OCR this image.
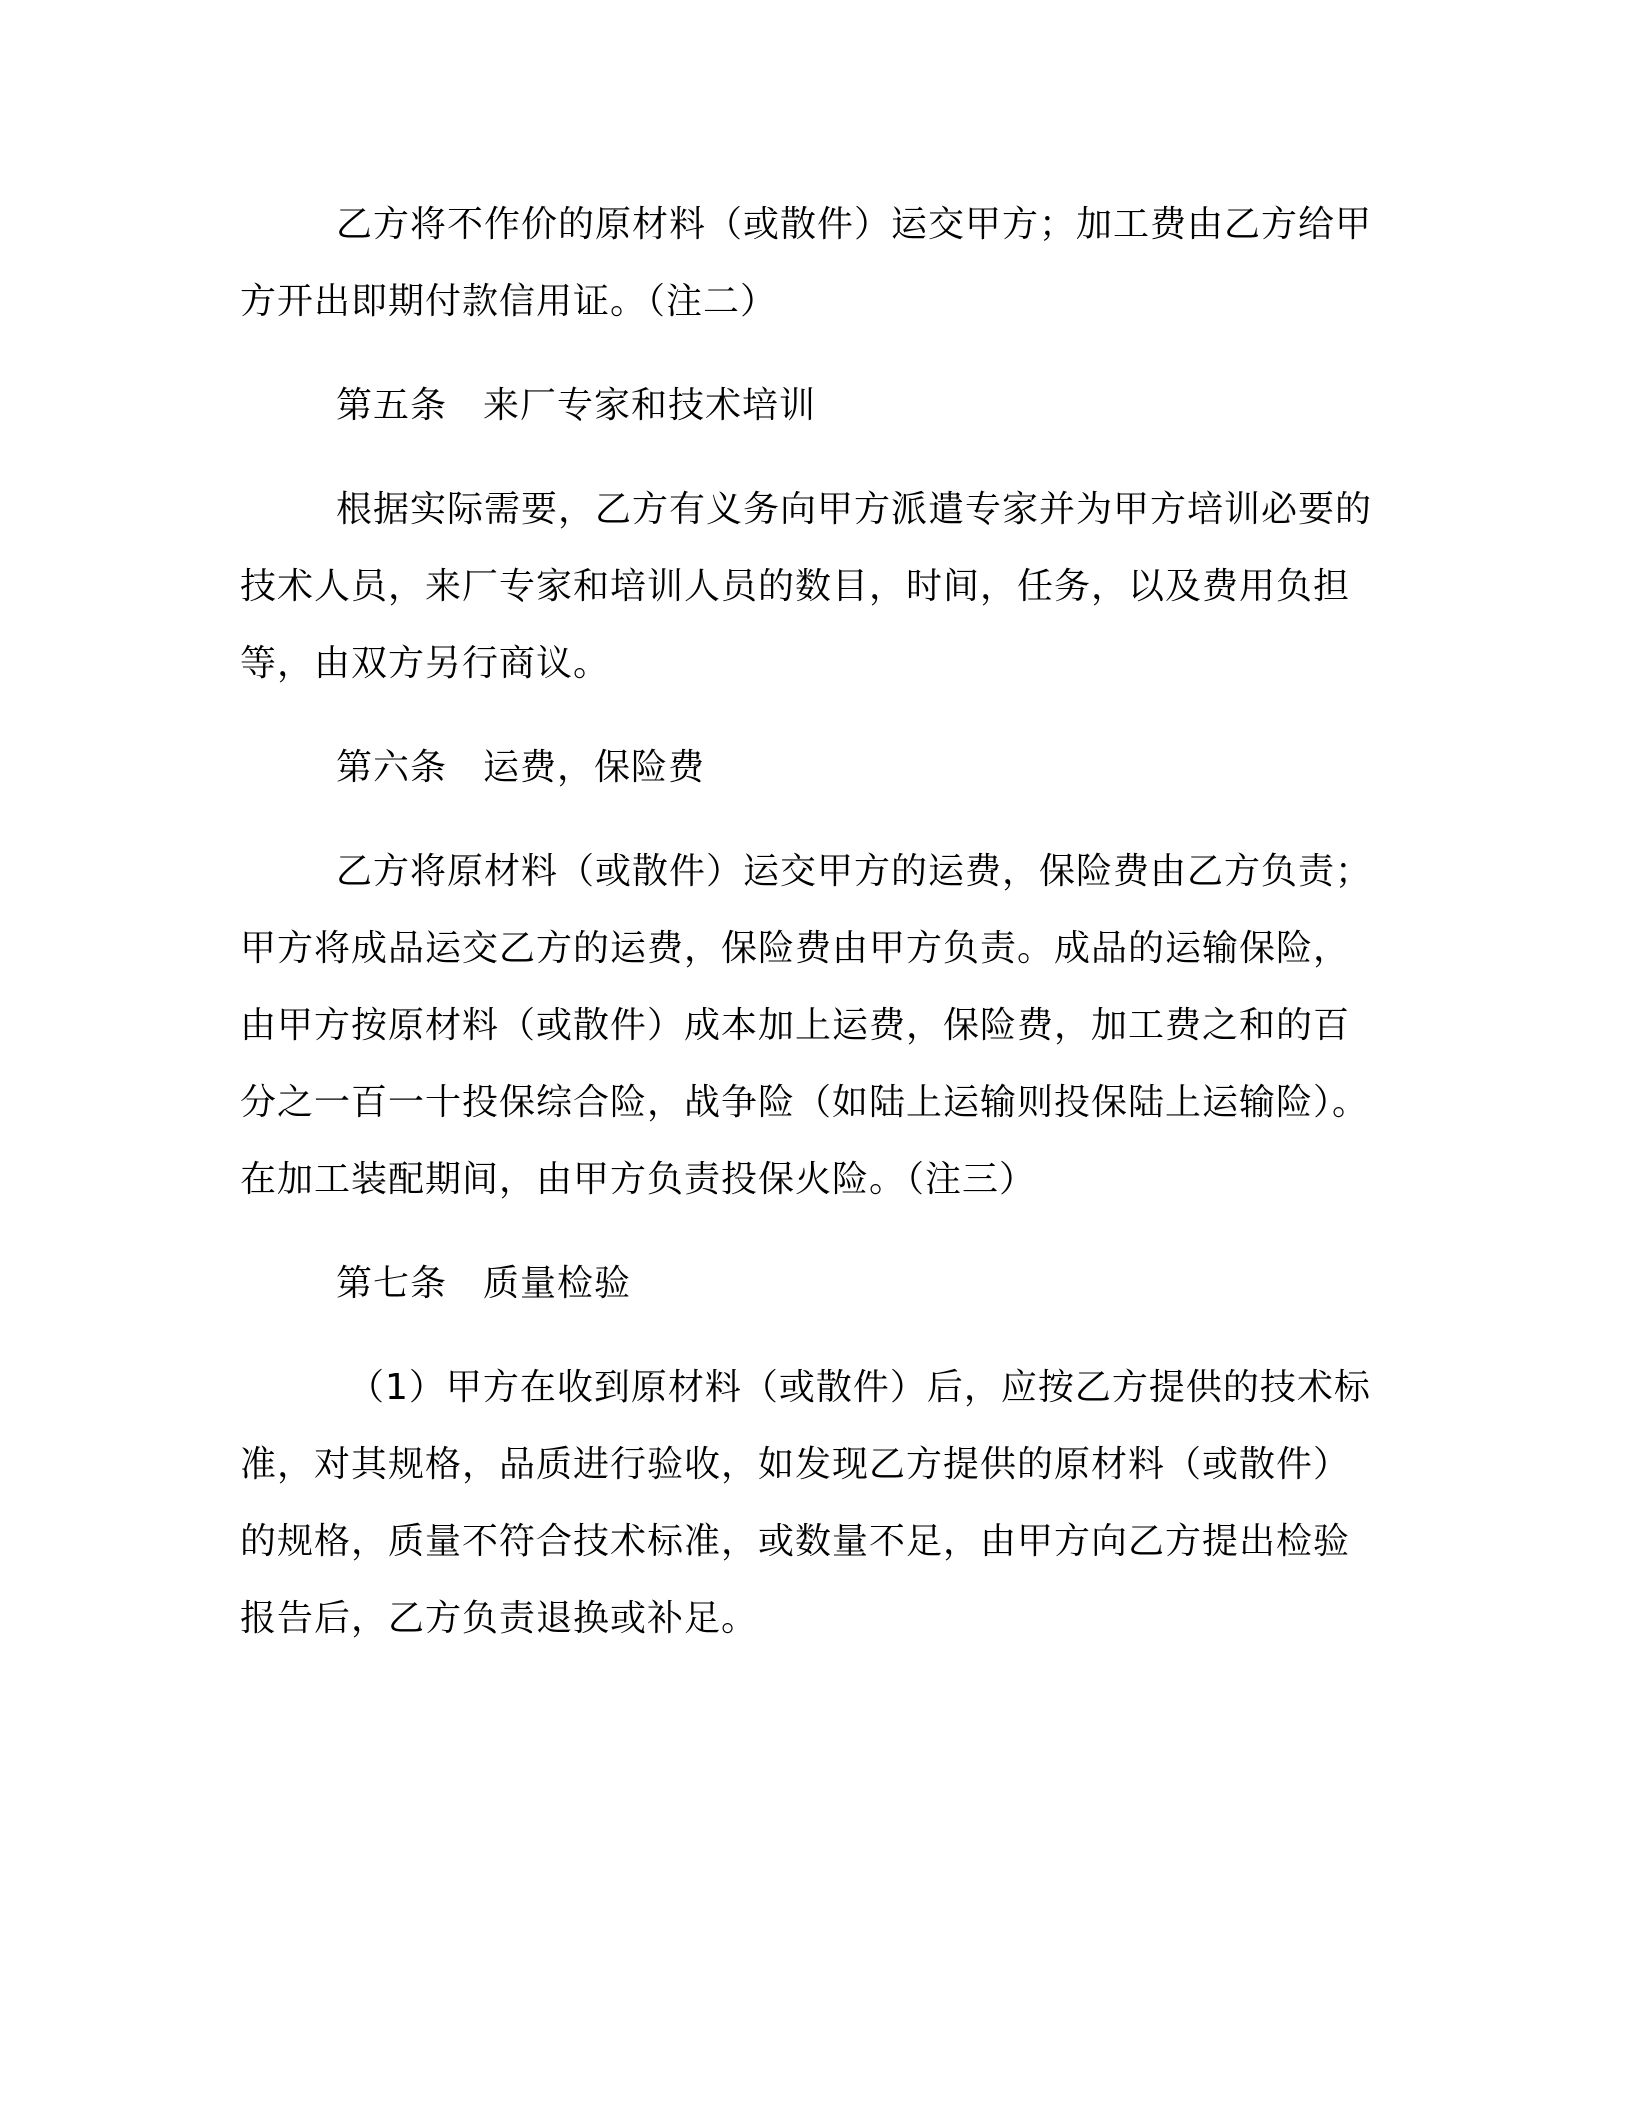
乙方将不作价的原材料（或散件）运交甲方；加工费由乙方给甲
方开出即期付款信用证。（注二）
第五条 来厂专家和技术培训
根据实际需要，乙方有义务向甲方派遣专家并为甲方培训必要的
技术人员，来厂专家和培训人员的数目，时间，任务，以及费用负担
等，由双方另行商议。
第六条 运费，保险费
乙方将原材料（或散件）运交甲方的运费，保险费由乙方负责；
甲方将成品运交乙方的运费，保险费由甲方负责。成品的运输保险，
由甲方按原材料（或散件）成本加上运费，保险费，加工费之和的百
分之一百一十投保综合险，战争险（如陆上运输则投保陆上运输险）。
在加工装配期间，由甲方负责投保火险。（注三）
第七条 质量检验
（1）甲方在收到原材料（或散件）后，应按乙方提供的技术标
准，对其规格，品质进行验收，如发现乙方提供的原材料（或散件）
的规格，质量不符合技术标准，或数量不足，由甲方向乙方提出检验
报告后，乙方负责退换或补足。
